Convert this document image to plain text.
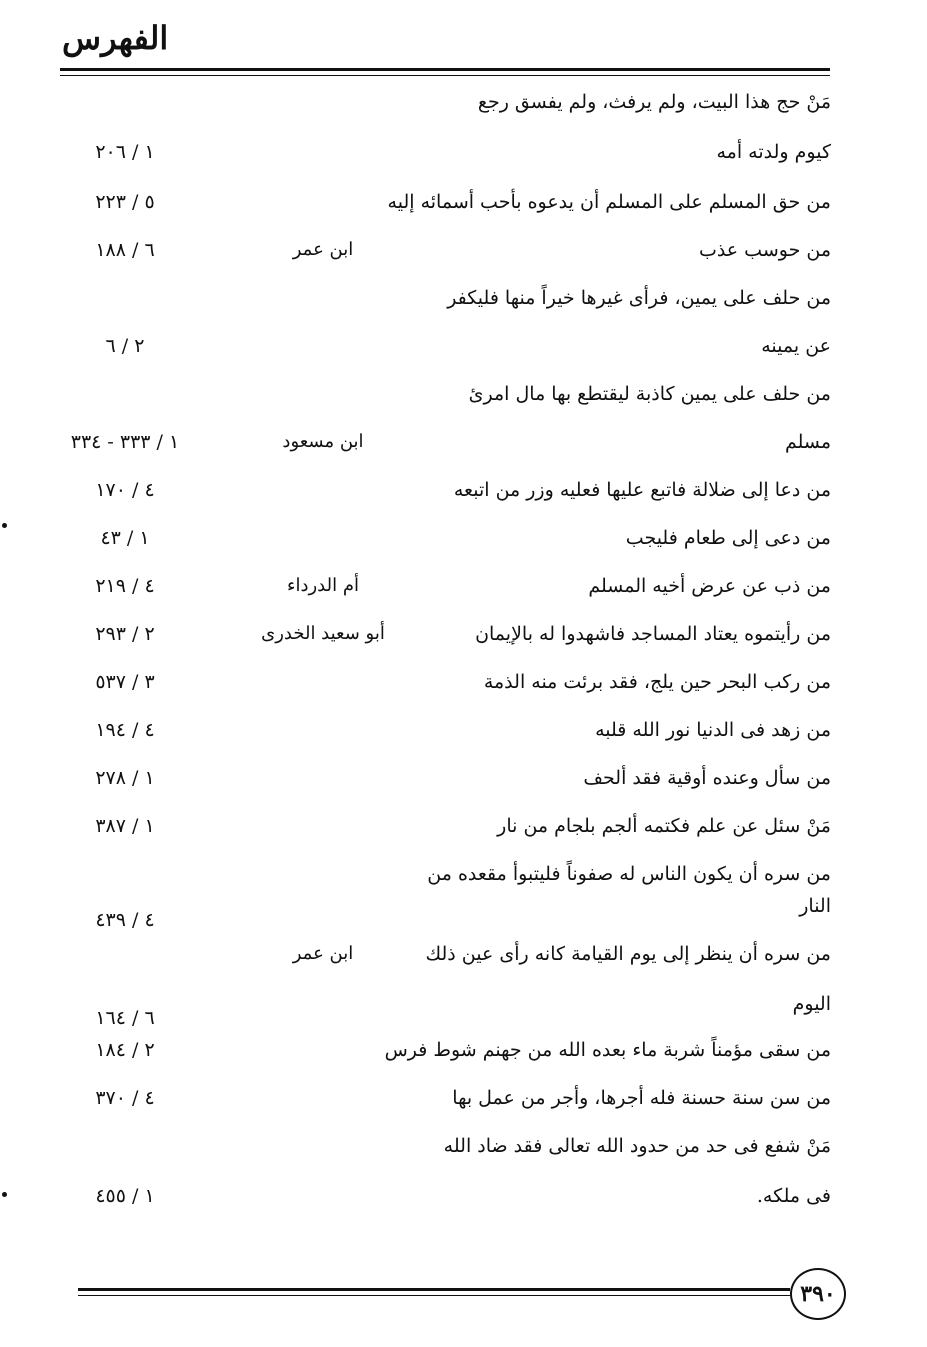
الفهرس
مَنْ حج هذا البيت، ولم يرفث، ولم يفسق رجع
كيوم ولدته أمه
١ / ٢٠٦
من حق المسلم على المسلم أن يدعوه بأحب أسمائه إليه
٥ / ٢٢٣
من حوسب عذب
ابن عمر
٦ / ١٨٨
من حلف على يمين، فرأى غيرها خيراً منها فليكفر
عن يمينه
٢ / ٦
من حلف على يمين كاذبة ليقتطع بها مال امرئ
مسلم
ابن مسعود
١ / ٣٣٣ - ٣٣٤
من دعا إلى ضلالة فاتبع عليها فعليه وزر من اتبعه
٤ / ١٧٠
من دعى إلى طعام فليجب
١ / ٤٣
من ذب عن عرض أخيه المسلم
أم الدرداء
٤ / ٢١٩
من رأيتموه يعتاد المساجد فاشهدوا له بالإيمان
أبو سعيد الخدرى
٢ / ٢٩٣
من ركب البحر حين يلج، فقد برئت منه الذمة
٣ / ٥٣٧
من زهد فى الدنيا نور الله قلبه
٤ / ١٩٤
من سأل وعنده أوقية فقد ألحف
١ / ٢٧٨
مَنْ سئل عن علم فكتمه ألجم بلجام من نار
١ / ٣٨٧
من سره أن يكون الناس له صفوناً فليتبوأ مقعده من
النار
٤ / ٤٣٩
من سره أن ينظر إلى يوم القيامة كانه رأى عين ذلك
ابن عمر
اليوم
٦ / ١٦٤
من سقى مؤمناً شربة ماء بعده الله من جهنم شوط فرس
٢ / ١٨٤
من سن سنة حسنة فله أجرها، وأجر من عمل بها
٤ / ٣٧٠
مَنْ شفع فى حد من حدود الله تعالى فقد ضاد الله
فى ملكه.
١ / ٤٥٥
٣٩٠
